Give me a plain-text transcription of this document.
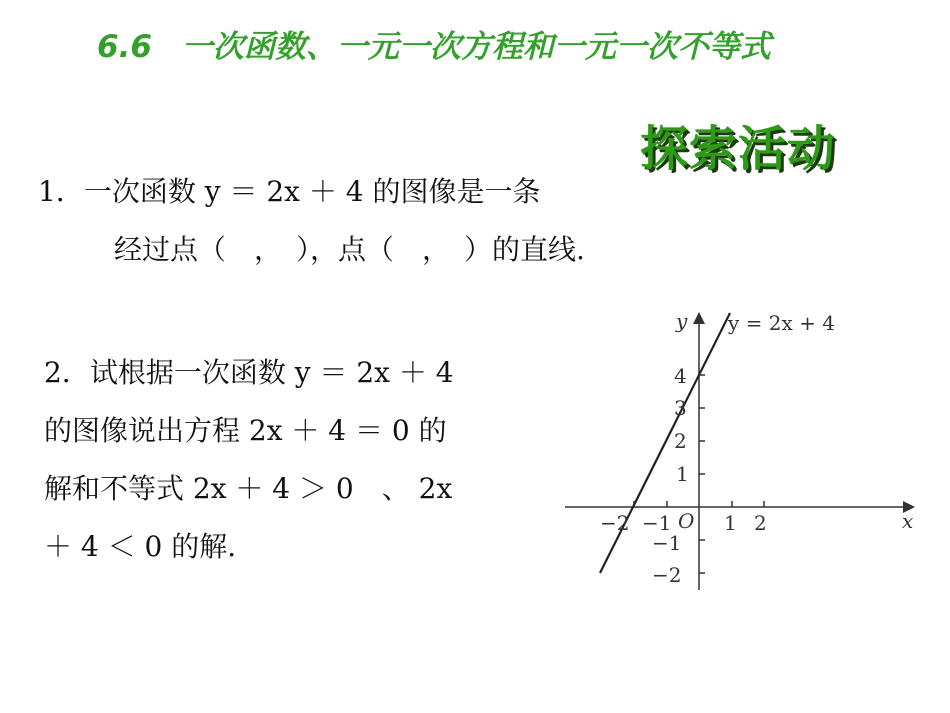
6.6 一次函数、一元一次方程和一元一次不等式
探索活动
1．一次函数 y ＝ 2x ＋ 4 的图像是一条
经过点（　，　），点（　，　）的直线.
2．试根据一次函数 y ＝ 2x ＋ 4
的图像说出方程 2x ＋ 4 ＝ 0 的
解和不等式 2x ＋ 4 ＞ 0　、 2x
＋ 4 ＜ 0 的解.
y
x
O
y = 2x + 4
−2 −1	1 2
4
3
2
1
−1
−2
